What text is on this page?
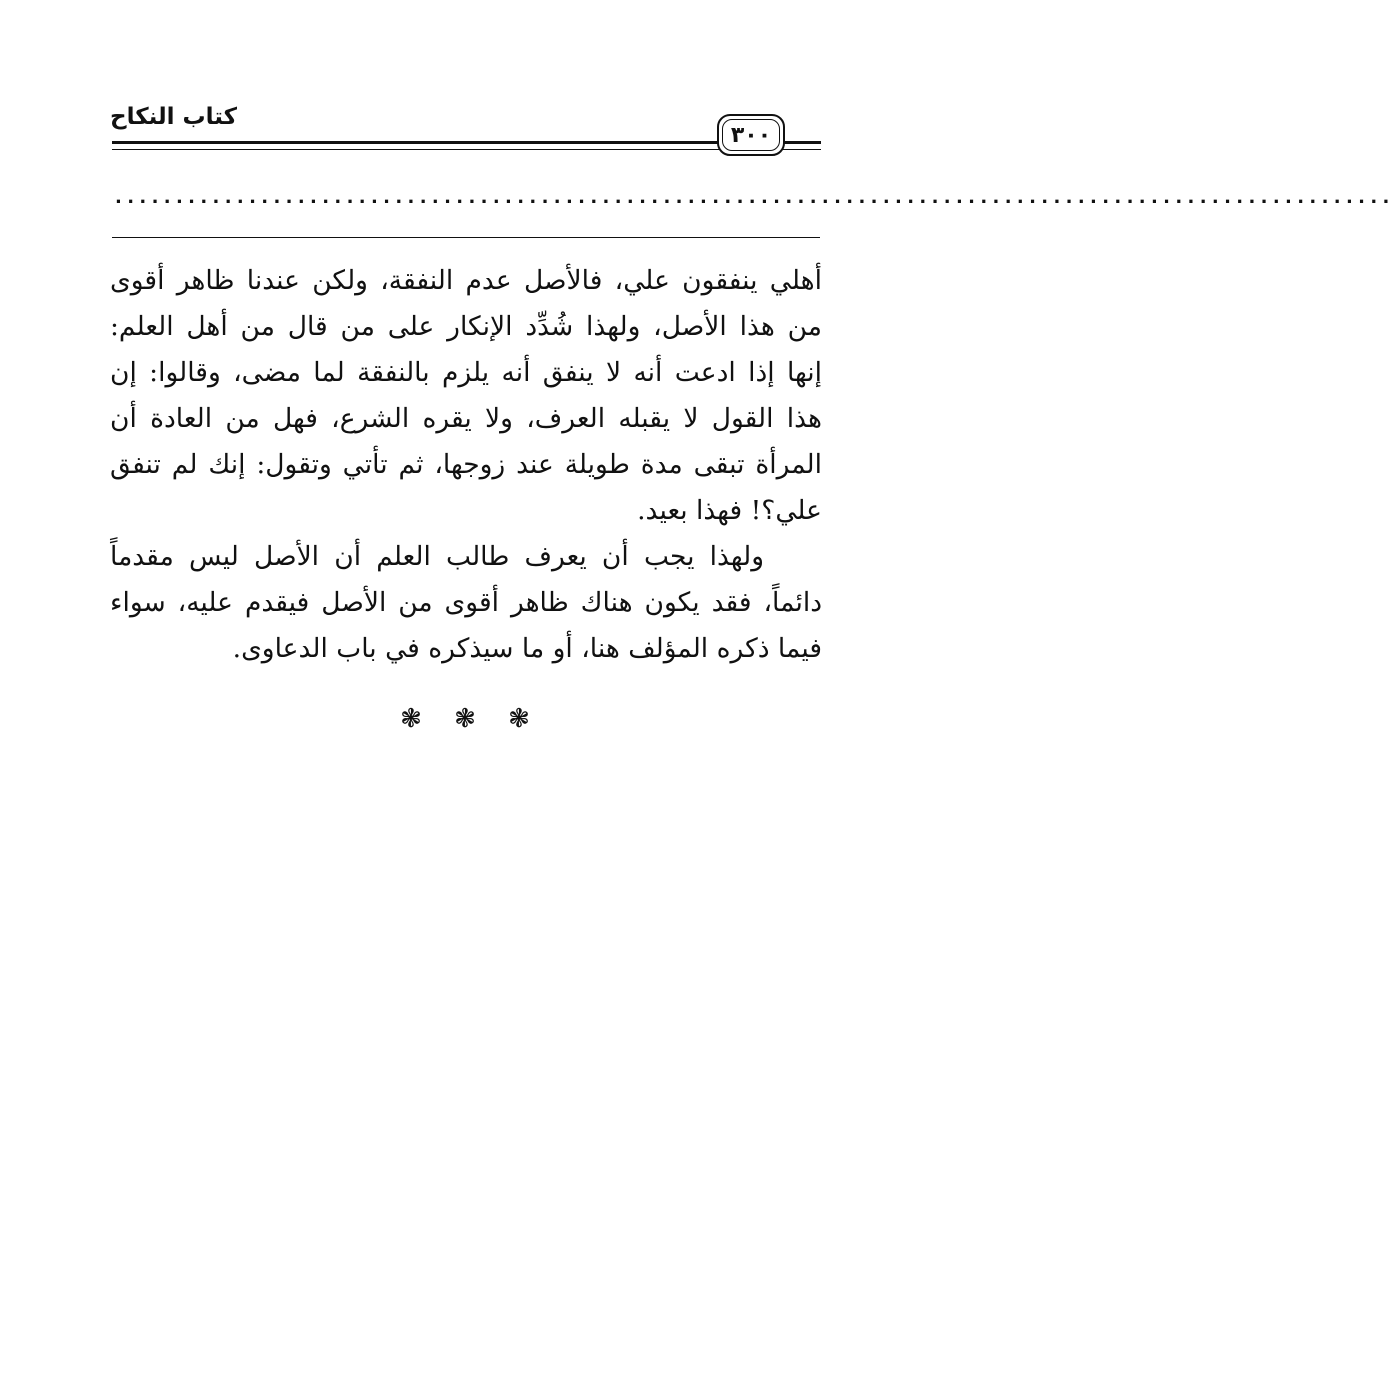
كتاب النكاح
٣٠٠
.........................................................................................................
أهلي ينفقون علي، فالأصل عدم النفقة، ولكن عندنا ظاهر أقوى
من هذا الأصل، ولهذا شُدِّد الإنكار على من قال من أهل العلم:
إنها إذا ادعت أنه لا ينفق أنه يلزم بالنفقة لما مضى، وقالوا: إن
هذا القول لا يقبله العرف، ولا يقره الشرع، فهل من العادة أن
المرأة تبقى مدة طويلة عند زوجها، ثم تأتي وتقول: إنك لم تنفق
علي؟! فهذا بعيد.
ولهذا يجب أن يعرف طالب العلم أن الأصل ليس مقدماً
دائماً، فقد يكون هناك ظاهر أقوى من الأصل فيقدم عليه، سواء
فيما ذكره المؤلف هنا، أو ما سيذكره في باب الدعاوى.
❃ ❃ ❃
